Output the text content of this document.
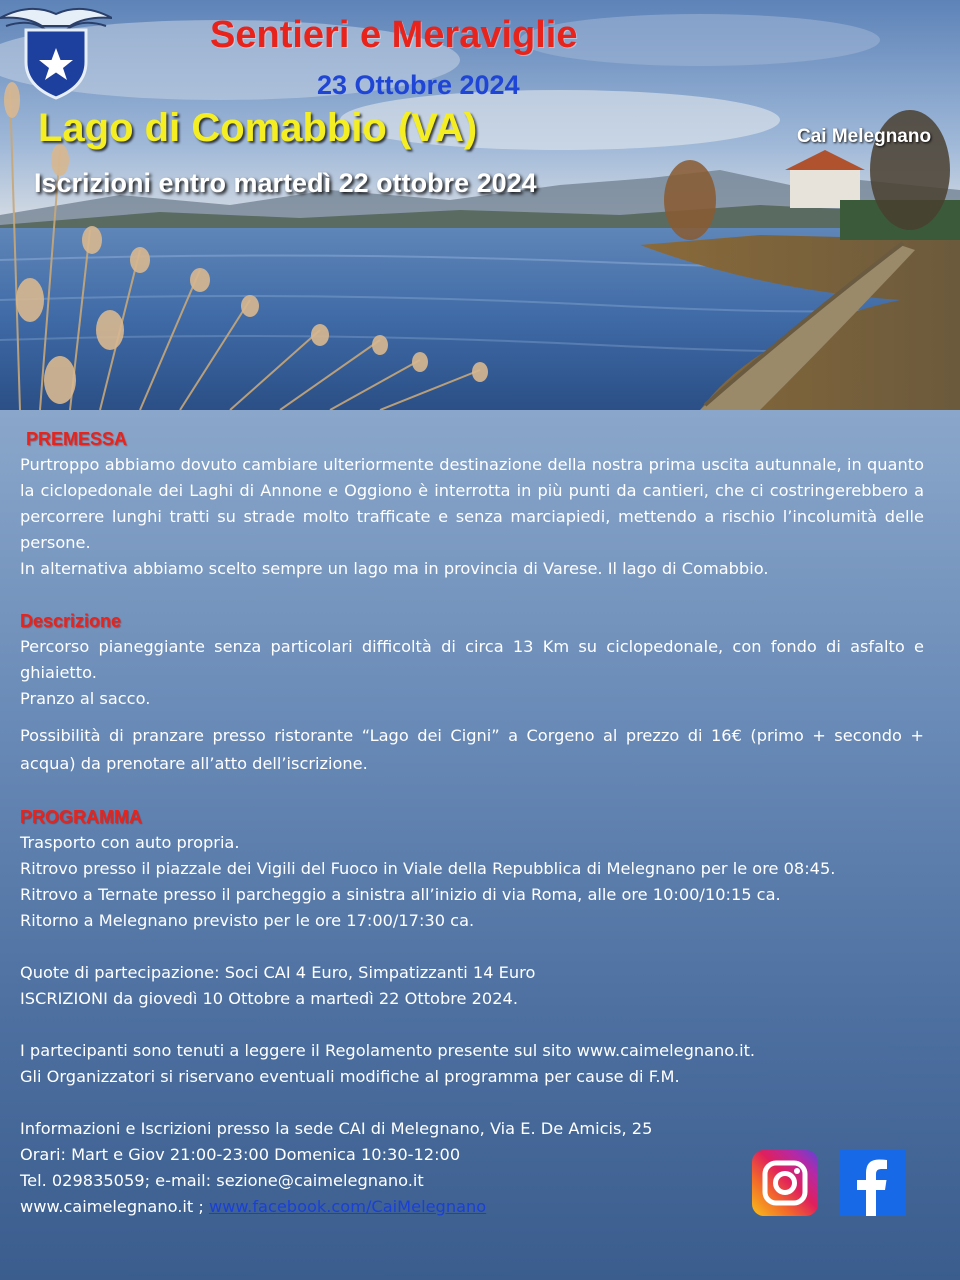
Sentieri e Meraviglie
23 Ottobre 2024
Lago di Comabbio (VA)
Iscrizioni entro martedì 22 ottobre 2024
Cai Melegnano
PREMESSA

Purtroppo abbiamo dovuto cambiare ulteriormente destinazione della nostra prima uscita autunnale, in quanto la ciclopedonale dei Laghi di Annone e Oggiono è interrotta in più punti da cantieri, che ci costringerebbero a percorrere lunghi tratti su strade molto trafficate e senza marciapiedi, mettendo a rischio l’incolumità delle persone.

In alternativa abbiamo scelto sempre un lago ma in provincia di Varese. Il lago di Comabbio.

Descrizione

Percorso pianeggiante senza particolari difficoltà di circa 13 Km su ciclopedonale, con fondo di asfalto e ghiaietto.

Pranzo al sacco.

Possibilità di pranzare presso ristorante “Lago dei Cigni” a Corgeno al prezzo di 16€ (primo + secondo + acqua) da prenotare all’atto dell’iscrizione.

PROGRAMMA

Trasporto con auto propria.

Ritrovo presso il piazzale dei Vigili del Fuoco in Viale della Repubblica di Melegnano per le ore 08:45.

Ritrovo a Ternate presso il parcheggio a sinistra all’inizio di via Roma, alle ore 10:00/10:15 ca.

Ritorno a Melegnano previsto per le ore 17:00/17:30 ca.

Quote di partecipazione: Soci CAI 4 Euro, Simpatizzanti 14 Euro

ISCRIZIONI da giovedì 10 Ottobre a martedì 22 Ottobre 2024.

I partecipanti sono tenuti a leggere il Regolamento presente sul sito www.caimelegnano.it.

Gli Organizzatori si riservano eventuali modifiche al programma per cause di F.M.

Informazioni e Iscrizioni presso la sede CAI di Melegnano, Via E. De Amicis, 25

Orari: Mart e Giov 21:00-23:00 Domenica 10:30-12:00

Tel. 029835059; e-mail: sezione@caimelegnano.it

www.caimelegnano.it ; www.facebook.com/CaiMelegnano
